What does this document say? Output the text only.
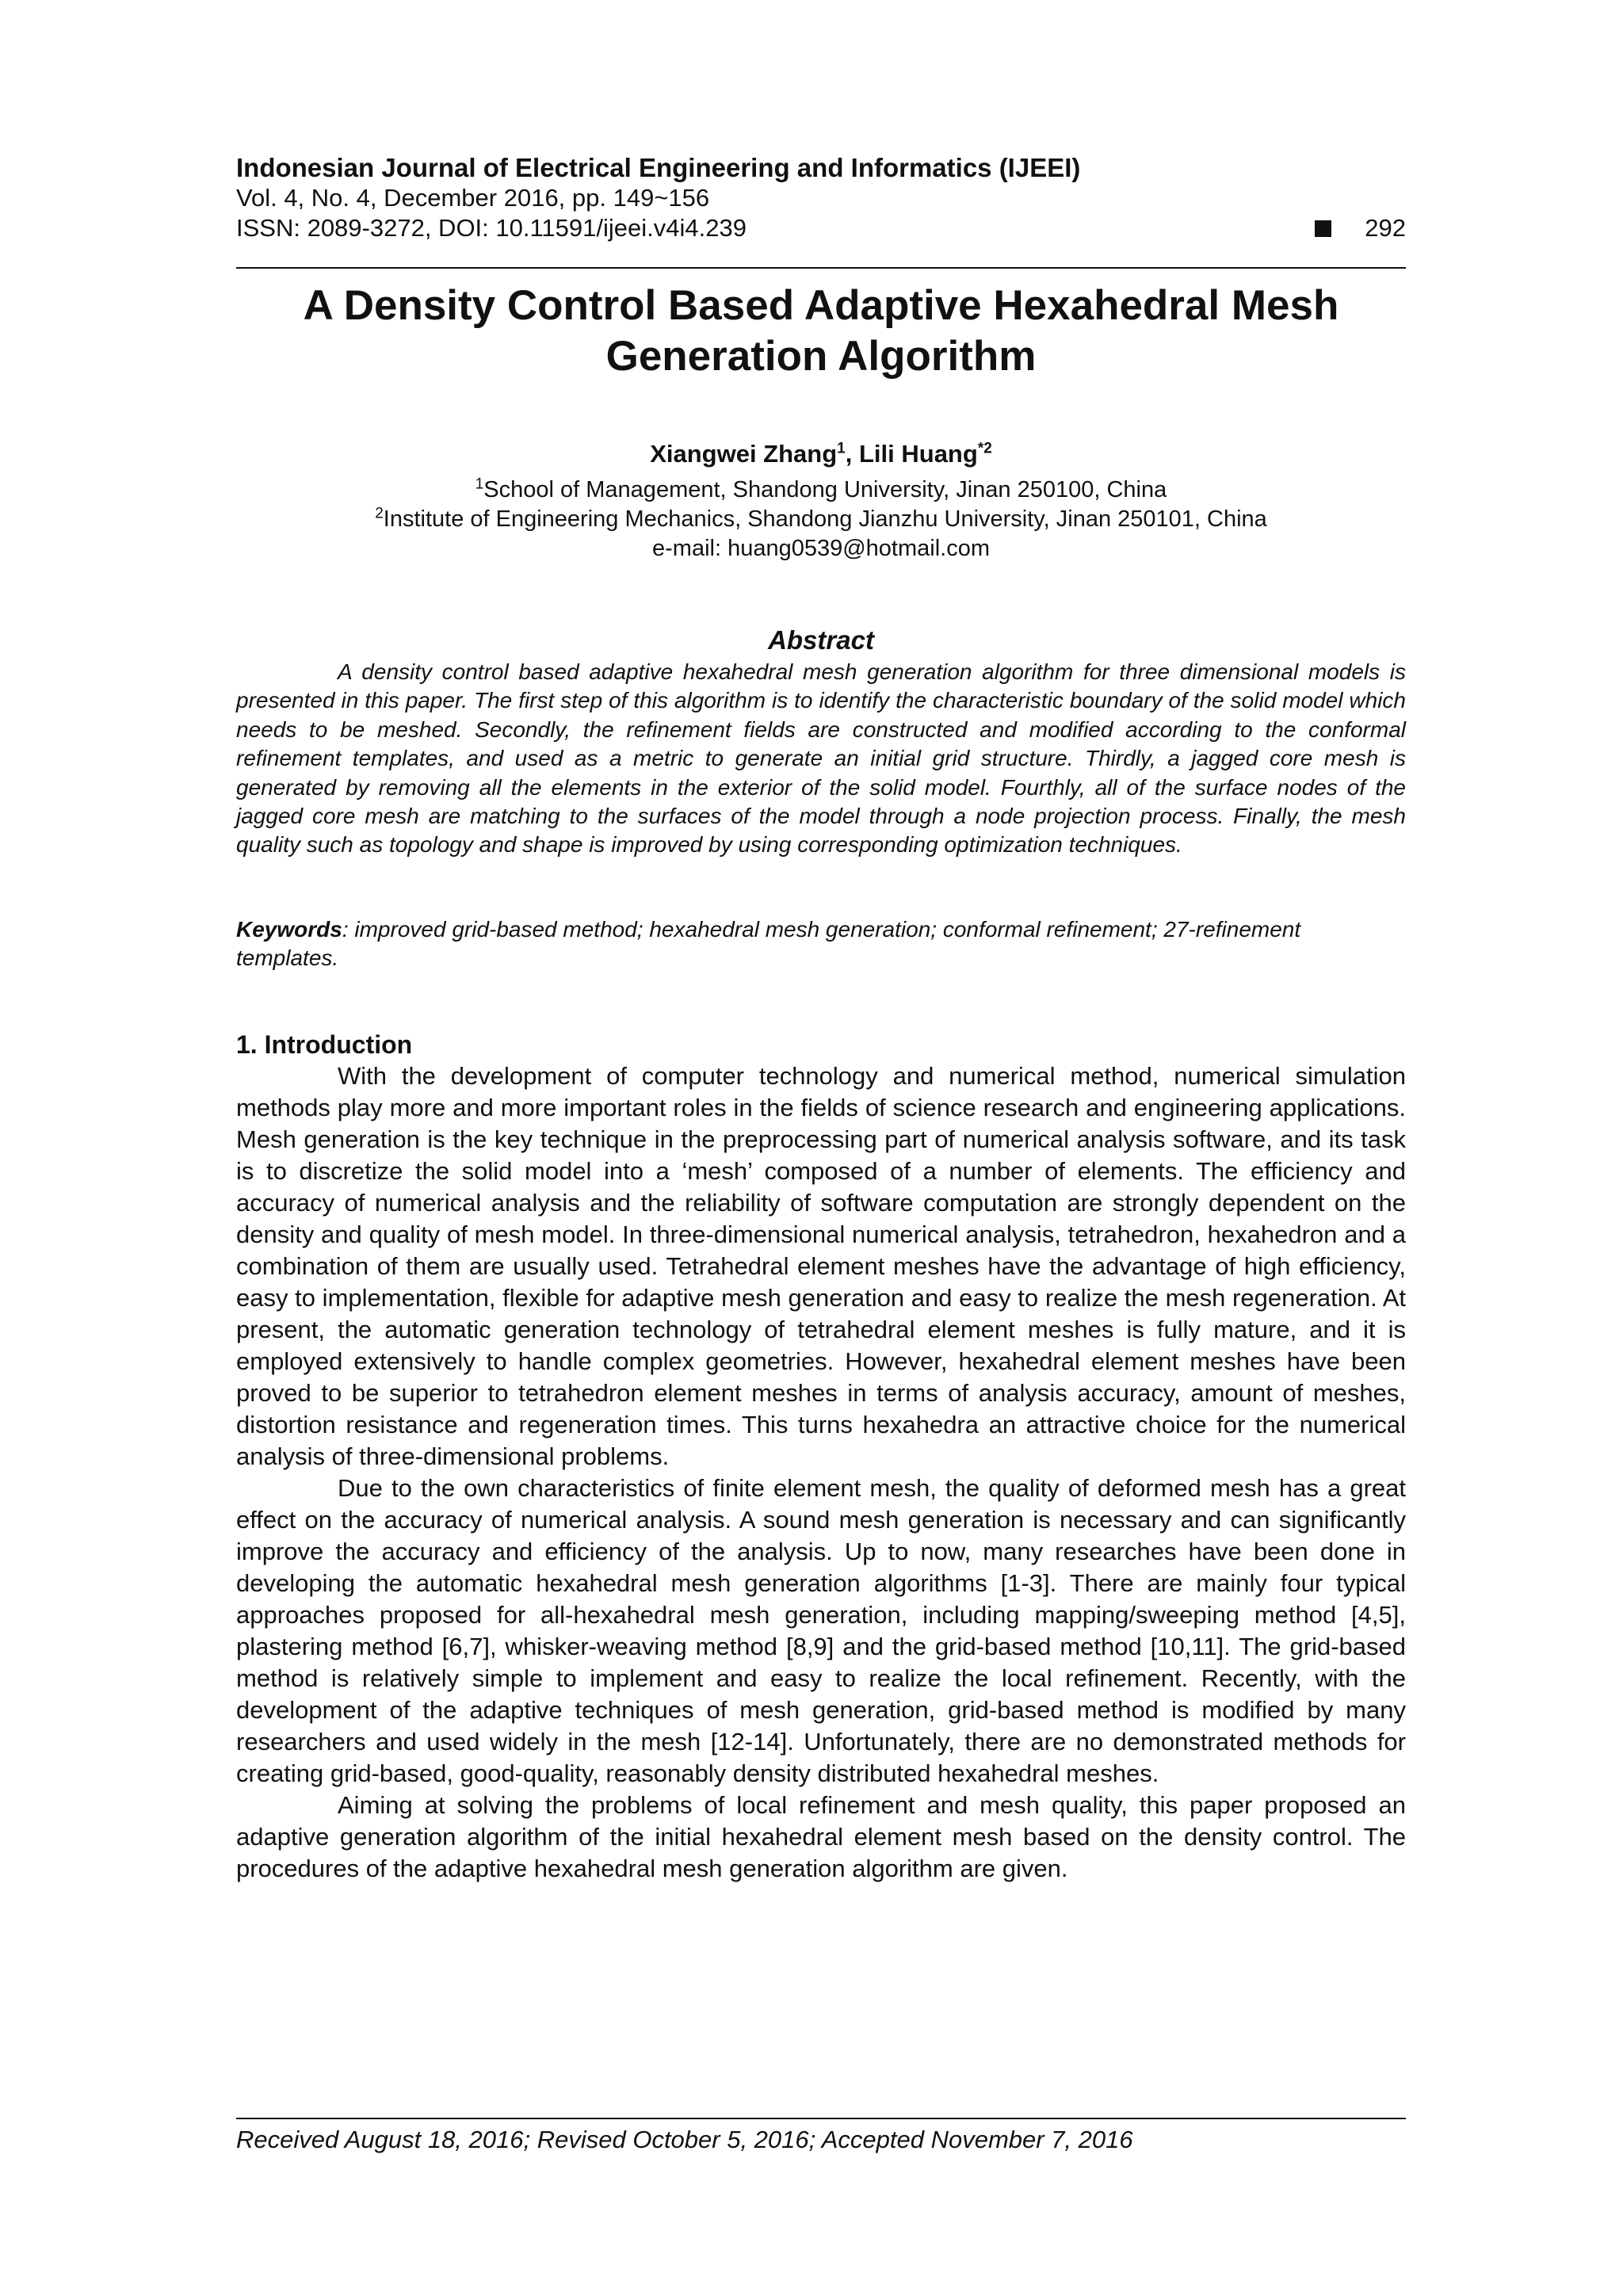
Indonesian Journal of Electrical Engineering and Informatics (IJEEI)
Vol. 4, No. 4, December 2016, pp. 149~156
ISSN: 2089-3272, DOI: 10.11591/ijeei.v4i4.239	292
A Density Control Based Adaptive Hexahedral Mesh
Generation Algorithm
Xiangwei Zhang$^1$, Lili Huang$^{*2}$
$^1$School of Management, Shandong University, Jinan 250100, China
$^2$Institute of Engineering Mechanics, Shandong Jianzhu University, Jinan 250101, China
e-mail: huang0539@hotmail.com
Abstract

A density control based adaptive hexahedral mesh generation algorithm for three dimensional models is presented in this paper. The first step of this algorithm is to identify the characteristic boundary of the solid model which needs to be meshed. Secondly, the refinement fields are constructed and modified according to the conformal refinement templates, and used as a metric to generate an initial grid structure. Thirdly, a jagged core mesh is generated by removing all the elements in the exterior of the solid model. Fourthly, all of the surface nodes of the jagged core mesh are matching to the surfaces of the model through a node projection process. Finally, the mesh quality such as topology and shape is improved by using corresponding optimization techniques.

Keywords: improved grid-based method; hexahedral mesh generation; conformal refinement; 27-refinement templates.

1. Introduction

With the development of computer technology and numerical method, numerical simulation methods play more and more important roles in the fields of science research and engineering applications. Mesh generation is the key technique in the preprocessing part of numerical analysis software, and its task is to discretize the solid model into a ‘mesh’ composed of a number of elements. The efficiency and accuracy of numerical analysis and the reliability of software computation are strongly dependent on the density and quality of mesh model. In three-dimensional numerical analysis, tetrahedron, hexahedron and a combination of them are usually used. Tetrahedral element meshes have the advantage of high efficiency, easy to implementation, flexible for adaptive mesh generation and easy to realize the mesh regeneration. At present, the automatic generation technology of tetrahedral element meshes is fully mature, and it is employed extensively to handle complex geometries. However, hexahedral element meshes have been proved to be superior to tetrahedron element meshes in terms of analysis accuracy, amount of meshes, distortion resistance and regeneration times. This turns hexahedra an attractive choice for the numerical analysis of three-dimensional problems.

Due to the own characteristics of finite element mesh, the quality of deformed mesh has a great effect on the accuracy of numerical analysis. A sound mesh generation is necessary and can significantly improve the accuracy and efficiency of the analysis. Up to now, many researches have been done in developing the automatic hexahedral mesh generation algorithms [1-3]. There are mainly four typical approaches proposed for all-hexahedral mesh generation, including mapping/sweeping method [4,5], plastering method [6,7], whisker-weaving method [8,9] and the grid-based method [10,11]. The grid-based method is relatively simple to implement and easy to realize the local refinement. Recently, with the development of the adaptive techniques of mesh generation, grid-based method is modified by many researchers and used widely in the mesh [12-14]. Unfortunately, there are no demonstrated methods for creating grid-based, good-quality, reasonably density distributed hexahedral meshes.

Aiming at solving the problems of local refinement and mesh quality, this paper proposed an adaptive generation algorithm of the initial hexahedral element mesh based on the density control. The procedures of the adaptive hexahedral mesh generation algorithm are given.

Received August 18, 2016; Revised October 5, 2016; Accepted November 7, 2016
